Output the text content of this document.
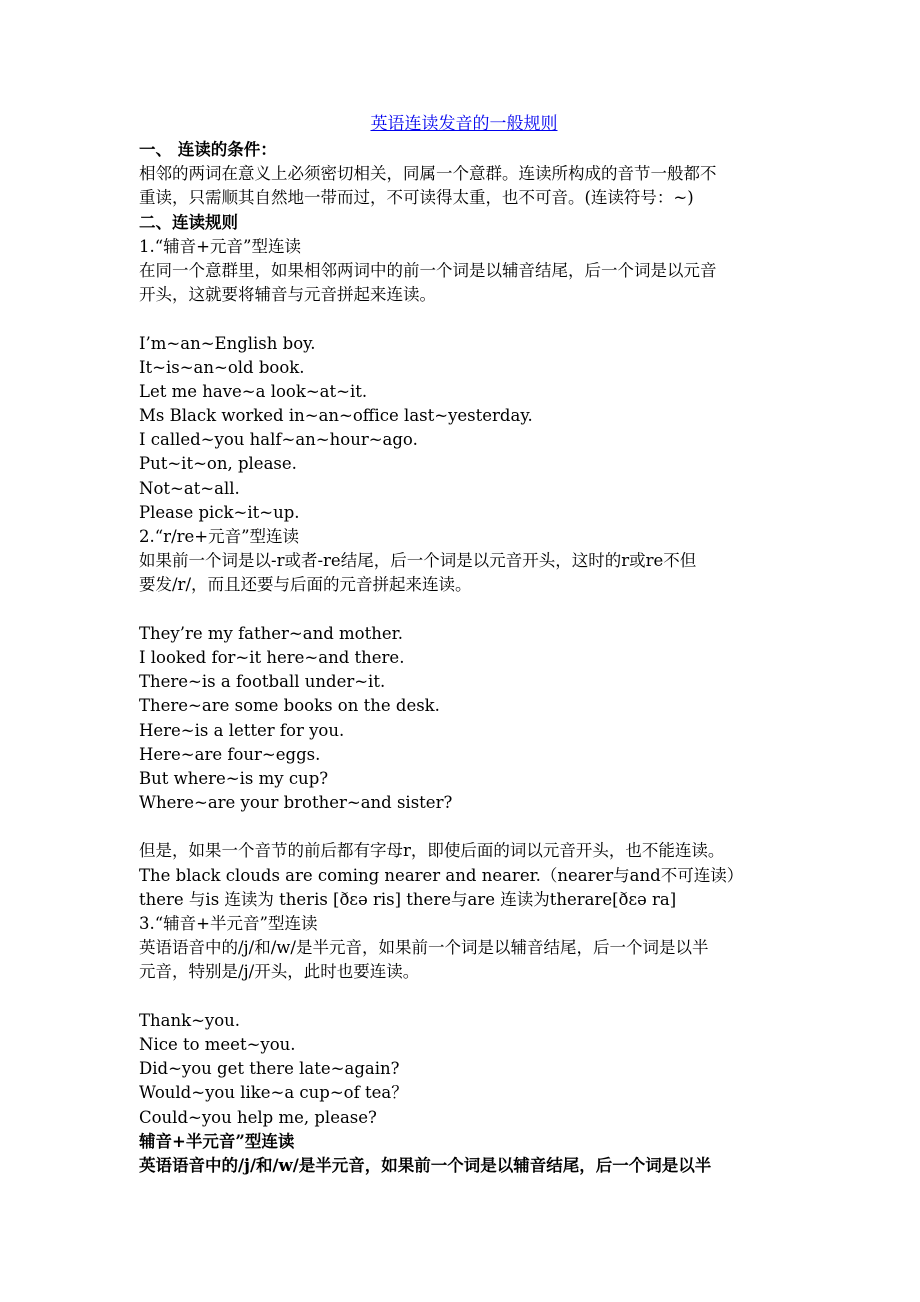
英语连读发音的一般规则
一、 连读的条件：
相邻的两词在意义上必须密切相关，同属一个意群。连读所构成的音节一般都不
重读，只需顺其自然地一带而过，不可读得太重，也不可音。(连读符号：~)
二、连读规则
1.“辅音+元音”型连读
在同一个意群里，如果相邻两词中的前一个词是以辅音结尾，后一个词是以元音
开头，这就要将辅音与元音拼起来连读。
I’m~an~English boy.
It~is~an~old book.
Let me have~a look~at~it.
Ms Black worked in~an~office last~yesterday.
I called~you half~an~hour~ago.
Put~it~on, please.
Not~at~all.
Please pick~it~up.
2.“r/re+元音”型连读
如果前一个词是以-r或者-re结尾，后一个词是以元音开头，这时的r或re不但
要发/r/，而且还要与后面的元音拼起来连读。
They’re my father~and mother.
I looked for~it here~and there.
There~is a football under~it.
There~are some books on the desk.
Here~is a letter for you.
Here~are four~eggs.
But where~is my cup?
Where~are your brother~and sister?
但是，如果一个音节的前后都有字母r，即使后面的词以元音开头，也不能连读。
The black clouds are coming nearer and nearer.（nearer与and不可连读）
there 与is 连读为 theris [ðɛə ris] there与are 连读为therare[ðɛə ra]
3.“辅音+半元音”型连读
英语语音中的/j/和/w/是半元音，如果前一个词是以辅音结尾，后一个词是以半
元音，特别是/j/开头，此时也要连读。
Thank~you.
Nice to meet~you.
Did~you get there late~again?
Would~you like~a cup~of tea？
Could~you help me, please?
辅音+半元音”型连读
英语语音中的/j/和/w/是半元音，如果前一个词是以辅音结尾，后一个词是以半
